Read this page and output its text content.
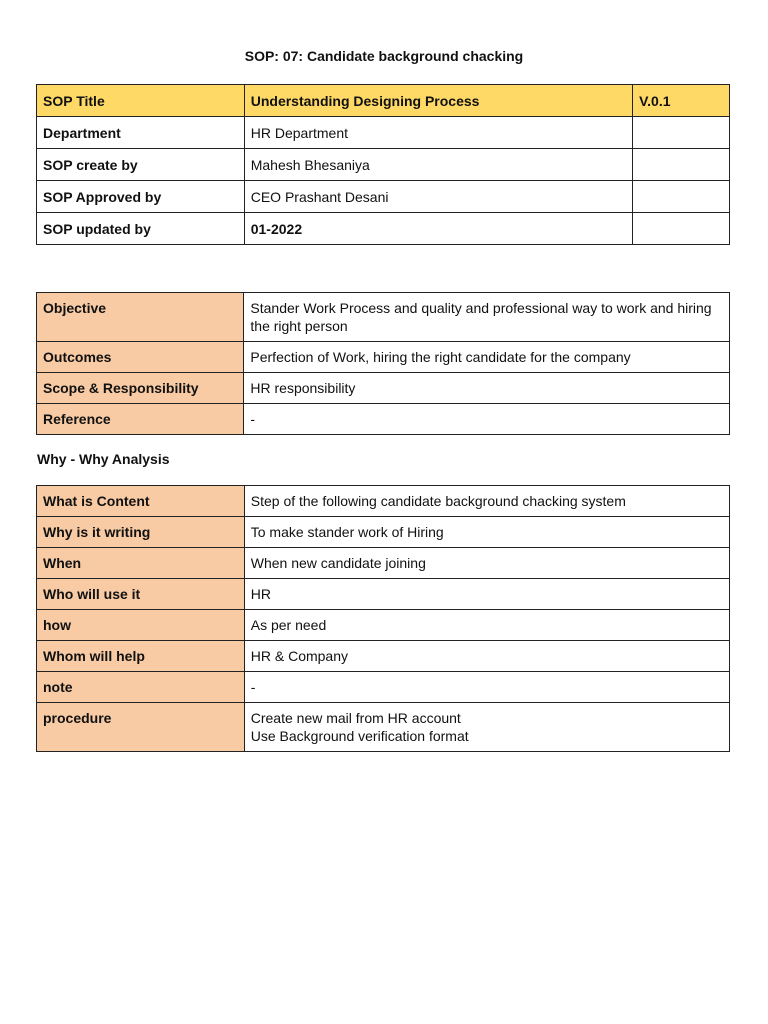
SOP: 07: Candidate background chacking
SOP Title	Understanding Designing Process	V.0.1
Department	HR Department	
SOP create by	Mahesh Bhesaniya	
SOP Approved by	CEO Prashant Desani	
SOP updated by	01-2022	
Objective	Stander Work Process and quality and professional way to work and hiring the right person
Outcomes	Perfection of Work, hiring the right candidate for the company
Scope & Responsibility	HR responsibility
Reference	-
Why - Why Analysis
What is Content	Step of the following candidate background chacking system
Why is it writing	To make stander work of Hiring
When	When new candidate joining
Who will use it	HR
how	As per need
Whom will help	HR & Company
note	-
procedure	Create new mail from HR account
Use Background verification format
